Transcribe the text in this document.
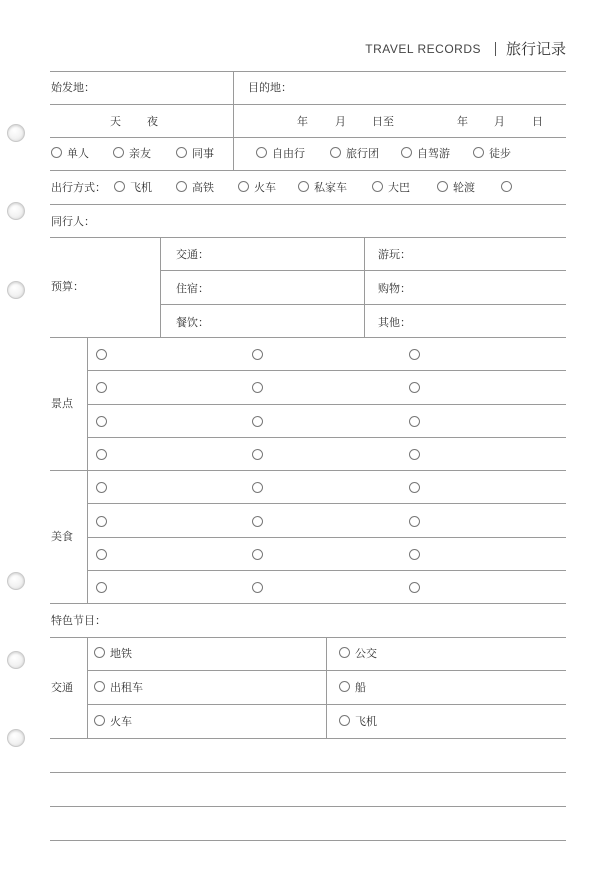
TRAVEL RECORDS 旅行记录
始发地：	目的地：
天 夜	年 月 日至	年 月 日
单人	亲友	同事	自由行	旅行团	自驾游	徒步
出行方式：	飞机	高铁	火车	私家车	大巴	轮渡
同行人：
预算：
交通：	游玩：
住宿：	购物：
餐饮：	其他：
景点
美食
特色节目：
交通
地铁	公交
出租车	船
火车	飞机
